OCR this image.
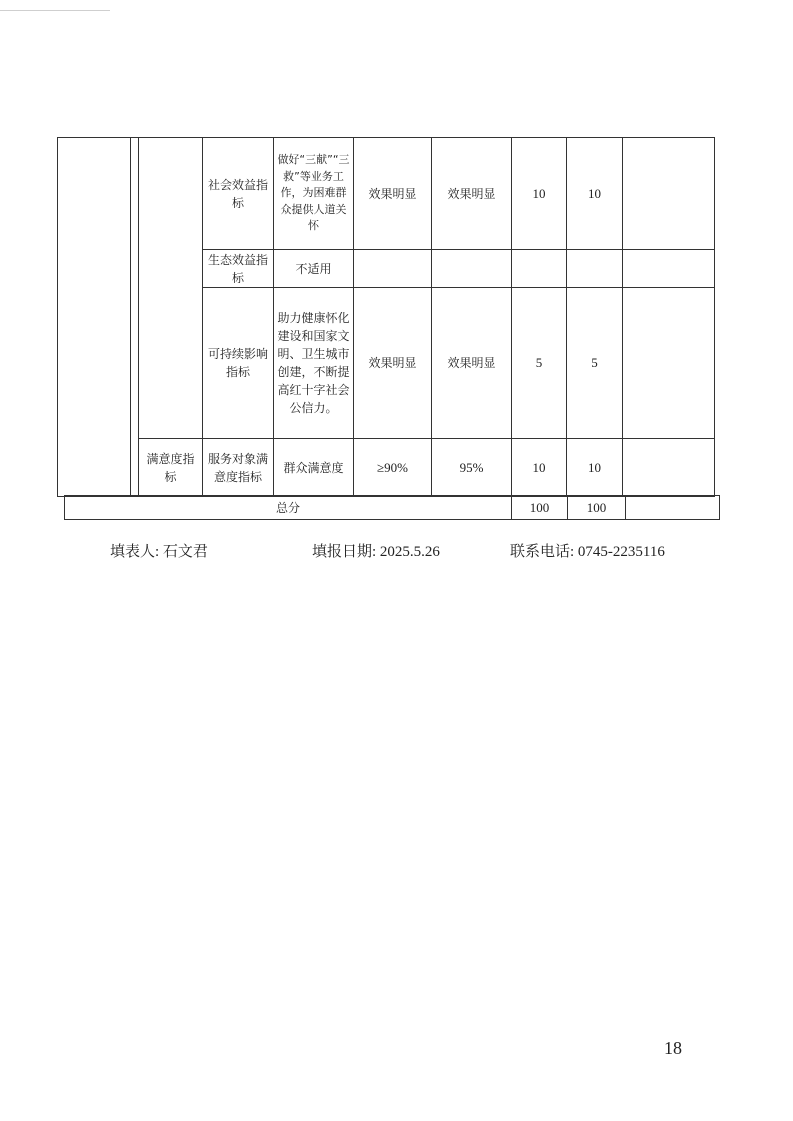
			社会效益指标	做好“三献”“三救”等业务工作，为困难群众提供人道关怀	效果明显	效果明显	10	10	
			生态效益指标	不适用					
			可持续影响指标	助力健康怀化建设和国家文明、卫生城市创建，不断提高红十字社会公信力。	效果明显	效果明显	5	5	
		满意度指标	服务对象满意度指标	群众满意度	≥90%	95%	10	10	
总分	100	100	
填表人: 石文君	填报日期: 2025.5.26	联系电话: 0745-2235116
18
